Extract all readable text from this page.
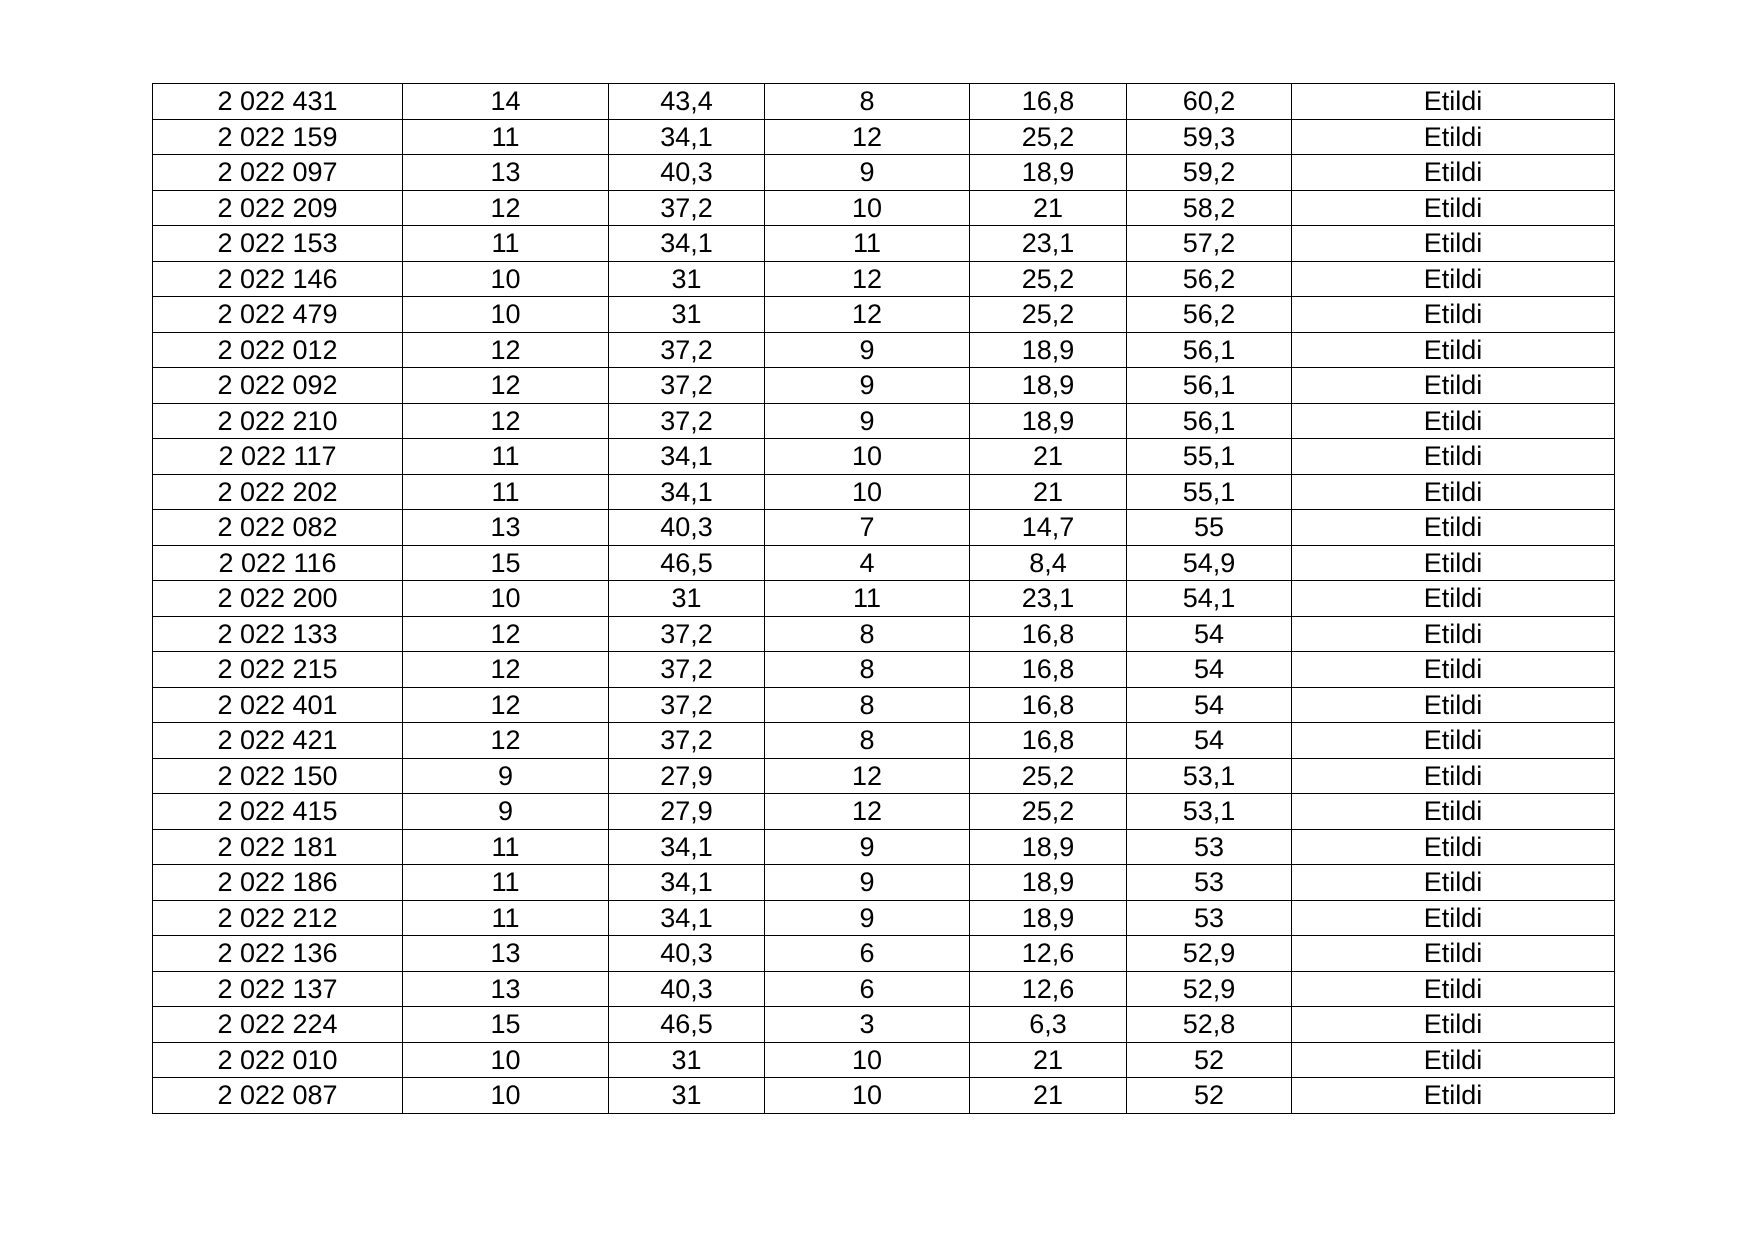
2 022 431	14	43,4	8	16,8	60,2	Etildi
2 022 159	11	34,1	12	25,2	59,3	Etildi
2 022 097	13	40,3	9	18,9	59,2	Etildi
2 022 209	12	37,2	10	21	58,2	Etildi
2 022 153	11	34,1	11	23,1	57,2	Etildi
2 022 146	10	31	12	25,2	56,2	Etildi
2 022 479	10	31	12	25,2	56,2	Etildi
2 022 012	12	37,2	9	18,9	56,1	Etildi
2 022 092	12	37,2	9	18,9	56,1	Etildi
2 022 210	12	37,2	9	18,9	56,1	Etildi
2 022 117	11	34,1	10	21	55,1	Etildi
2 022 202	11	34,1	10	21	55,1	Etildi
2 022 082	13	40,3	7	14,7	55	Etildi
2 022 116	15	46,5	4	8,4	54,9	Etildi
2 022 200	10	31	11	23,1	54,1	Etildi
2 022 133	12	37,2	8	16,8	54	Etildi
2 022 215	12	37,2	8	16,8	54	Etildi
2 022 401	12	37,2	8	16,8	54	Etildi
2 022 421	12	37,2	8	16,8	54	Etildi
2 022 150	9	27,9	12	25,2	53,1	Etildi
2 022 415	9	27,9	12	25,2	53,1	Etildi
2 022 181	11	34,1	9	18,9	53	Etildi
2 022 186	11	34,1	9	18,9	53	Etildi
2 022 212	11	34,1	9	18,9	53	Etildi
2 022 136	13	40,3	6	12,6	52,9	Etildi
2 022 137	13	40,3	6	12,6	52,9	Etildi
2 022 224	15	46,5	3	6,3	52,8	Etildi
2 022 010	10	31	10	21	52	Etildi
2 022 087	10	31	10	21	52	Etildi
